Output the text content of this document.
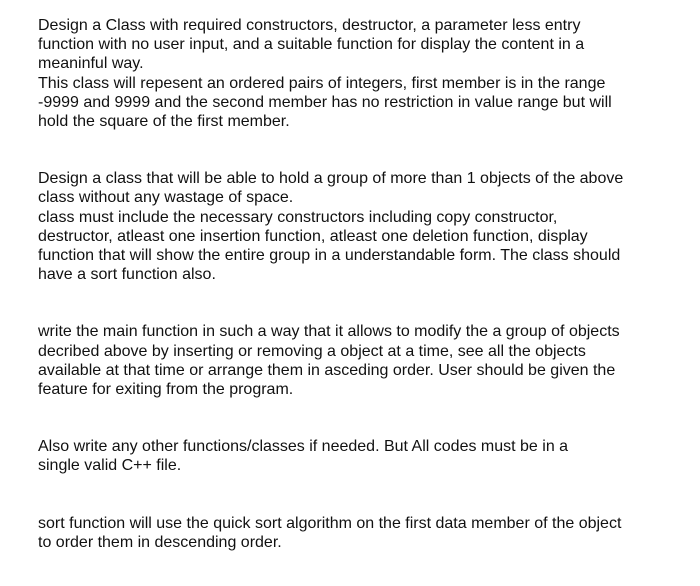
Design a Class with required constructors, destructor, a parameter less entry
function with no user input, and a suitable function for display the content in a
meaninful way.
This class will repesent an ordered pairs of integers, first member is in the range
-9999 and 9999 and the second member has no restriction in value range but will
hold the square of the first member.

Design a class that will be able to hold a group of more than 1 objects of the above
class without any wastage of space.
class must include the necessary constructors including copy constructor,
destructor, atleast one insertion function, atleast one deletion function, display
function that will show the entire group in a understandable form. The class should
have a sort function also.

write the main function in such a way that it allows to modify the a group of objects
decribed above by inserting or removing a object at a time, see all the objects
available at that time or arrange them in asceding order. User should be given the
feature for exiting from the program.

Also write any other functions/classes if needed. But All codes must be in a
single valid C++ file.

sort function will use the quick sort algorithm on the first data member of the object
to order them in descending order.
